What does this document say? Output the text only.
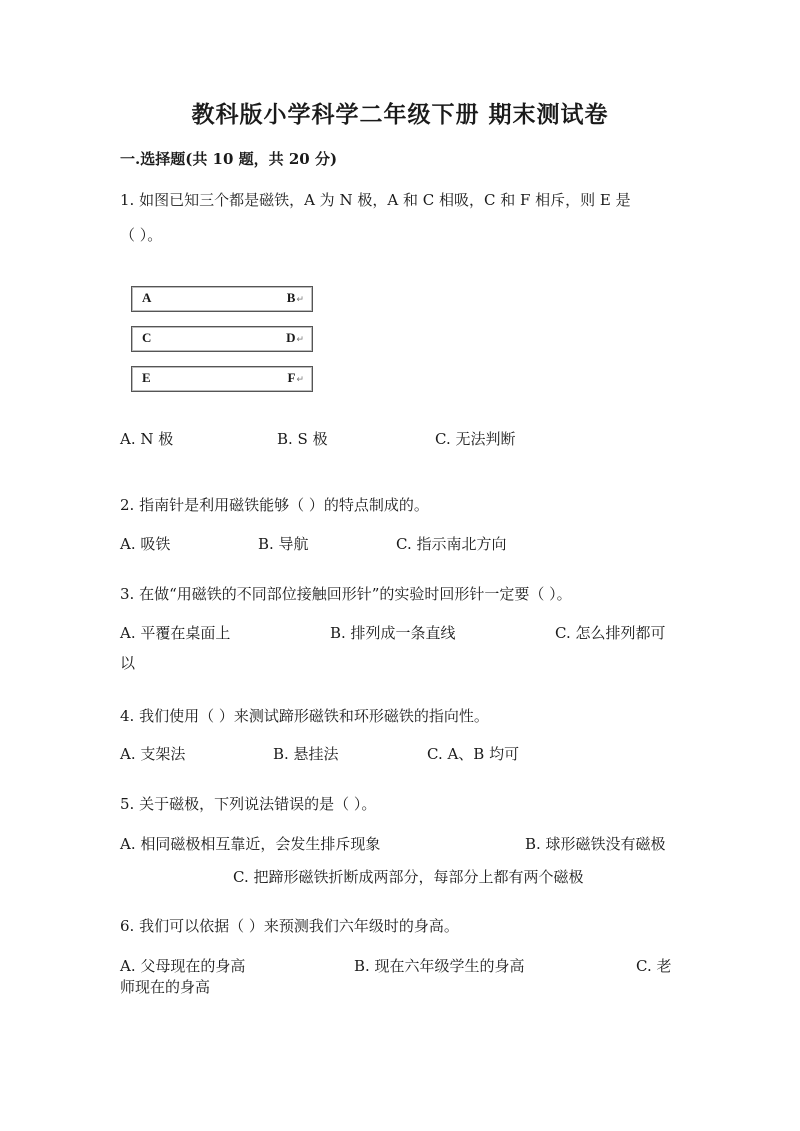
教科版小学科学二年级下册 期末测试卷
一.选择题(共 10 题，共 20 分)
1. 如图已知三个都是磁铁，A 为 N 极，A 和 C 相吸，C 和 F 相斥，则 E 是
（ ）。
A	B↵
C	D↵
E	F↵
A. N 极	B. S 极	C. 无法判断
2. 指南针是利用磁铁能够（ ）的特点制成的。
A. 吸铁	B. 导航	C. 指示南北方向
3. 在做“用磁铁的不同部位接触回形针”的实验时回形针一定要（ ）。
A. 平覆在桌面上	B. 排列成一条直线	C. 怎么排列都可
以
4. 我们使用（ ）来测试蹄形磁铁和环形磁铁的指向性。
A. 支架法	B. 悬挂法	C. A、B 均可
5. 关于磁极，下列说法错误的是（ ）。
A. 相同磁极相互靠近，会发生排斥现象	B. 球形磁铁没有磁极
C. 把蹄形磁铁折断成两部分，每部分上都有两个磁极
6. 我们可以依据（ ）来预测我们六年级时的身高。
A. 父母现在的身高	B. 现在六年级学生的身高	C. 老
师现在的身高
